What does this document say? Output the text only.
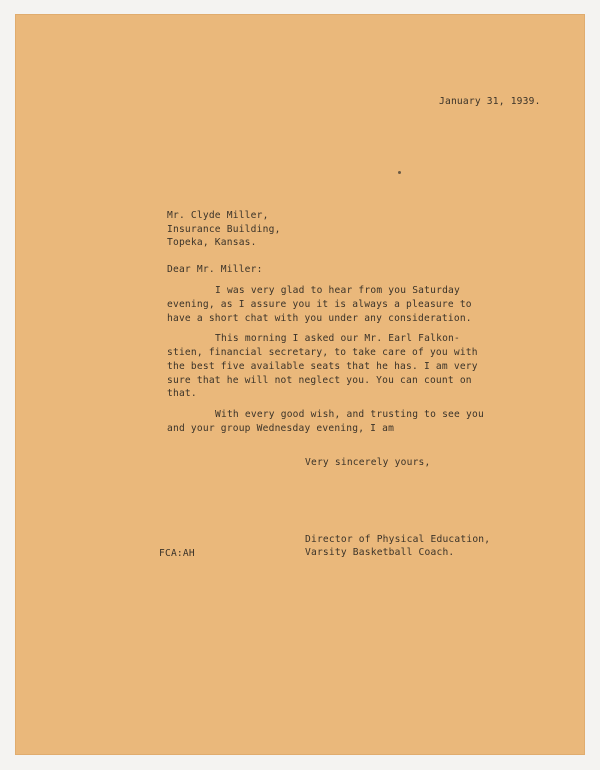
January 31, 1939.
Mr. Clyde Miller,
Insurance Building,
Topeka, Kansas.
Dear Mr. Miller:
I was very glad to hear from you Saturday
evening, as I assure you it is always a pleasure to
have a short chat with you under any consideration.
This morning I asked our Mr. Earl Falkon-
stien, financial secretary, to take care of you with
the best five available seats that he has. I am very
sure that he will not neglect you. You can count on
that.
With every good wish, and trusting to see you
and your group Wednesday evening, I am
Very sincerely yours,
Director of Physical Education,
Varsity Basketball Coach.
FCA:AH
